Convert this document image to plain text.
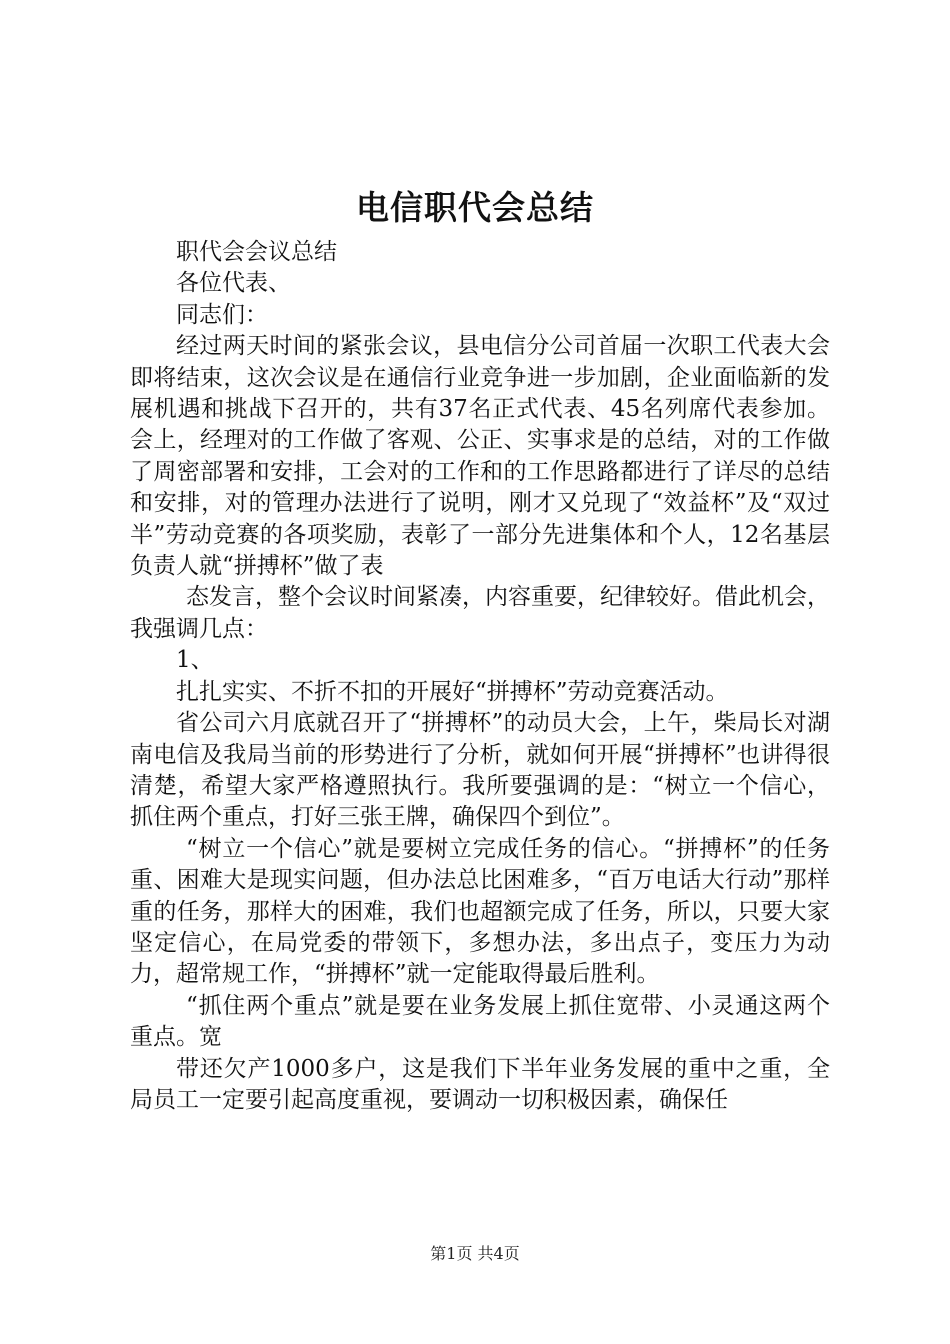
电信职代会总结

职代会会议总结

各位代表、

同志们：

经过两天时间的紧张会议，县电信分公司首届一次职工代表大会即将结束，这次会议是在通信行业竞争进一步加剧，企业面临新的发展机遇和挑战下召开的，共有37名正式代表、45名列席代表参加。会上，经理对的工作做了客观、公正、实事求是的总结，对的工作做了周密部署和安排，工会对的工作和的工作思路都进行了详尽的总结和安排，对的管理办法进行了说明，刚才又兑现了“效益杯”及“双过半”劳动竞赛的各项奖励，表彰了一部分先进集体和个人，12名基层负责人就“拼搏杯”做了表

态发言，整个会议时间紧凑，内容重要，纪律较好。借此机会，我强调几点：

1、

扎扎实实、不折不扣的开展好“拼搏杯”劳动竞赛活动。

省公司六月底就召开了“拼搏杯”的动员大会，上午，柴局长对湖南电信及我局当前的形势进行了分析，就如何开展“拼搏杯”也讲得很清楚，希望大家严格遵照执行。我所要强调的是：“树立一个信心，抓住两个重点，打好三张王牌，确保四个到位”。

“树立一个信心”就是要树立完成任务的信心。“拼搏杯”的任务重、困难大是现实问题，但办法总比困难多，“百万电话大行动”那样重的任务，那样大的困难，我们也超额完成了任务，所以，只要大家坚定信心，在局党委的带领下，多想办法，多出点子，变压力为动力，超常规工作，“拼搏杯”就一定能取得最后胜利。

“抓住两个重点”就是要在业务发展上抓住宽带、小灵通这两个重点。宽

带还欠产1000多户，这是我们下半年业务发展的重中之重，全局员工一定要引起高度重视，要调动一切积极因素，确保任

第1页 共4页
